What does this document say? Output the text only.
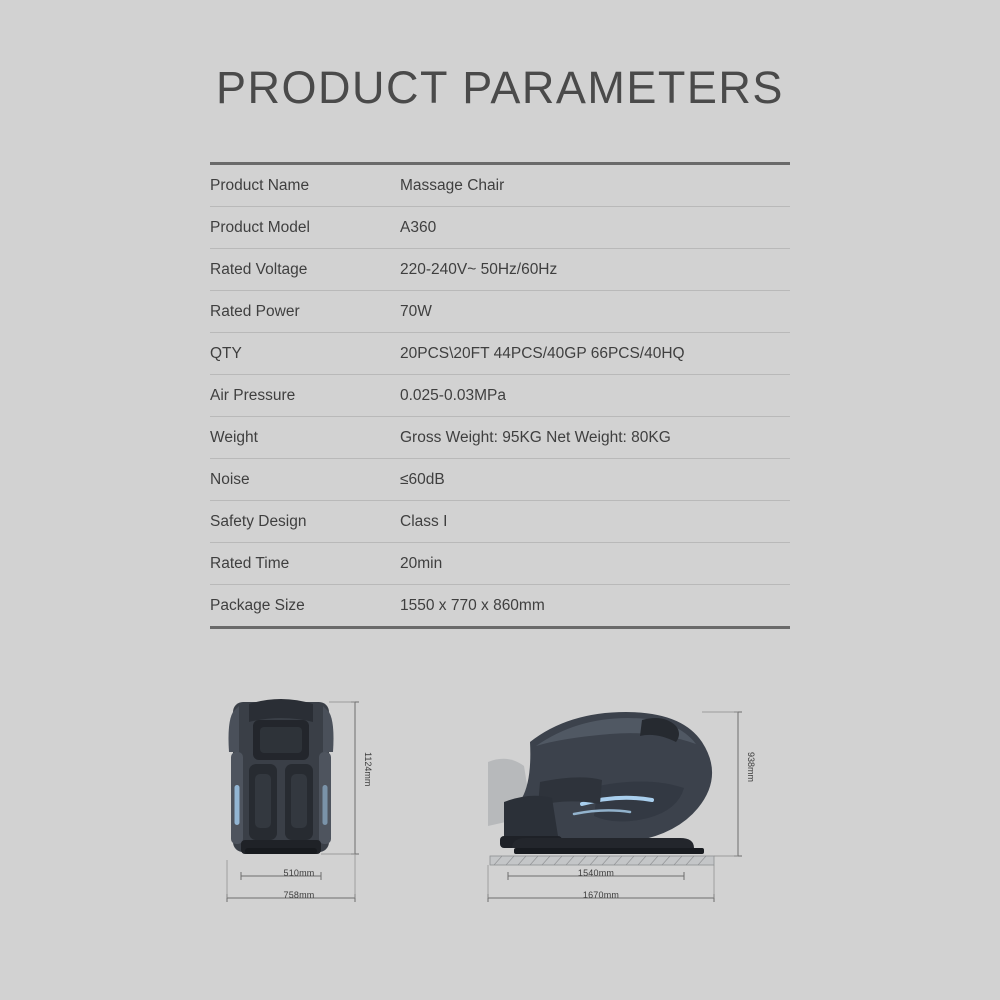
PRODUCT PARAMETERS
Product Name	Massage Chair
Product Model	A360
Rated Voltage	220-240V~ 50Hz/60Hz
Rated Power	70W
QTY	20PCS\20FT 44PCS/40GP 66PCS/40HQ
Air Pressure	0.025-0.03MPa
Weight	Gross Weight: 95KG Net Weight: 80KG
Noise	≤60dB
Safety Design	Class I
Rated Time	20min
Package Size	1550 x 770 x 860mm
1124mm
510mm
758mm
938mm
1540mm
1670mm
